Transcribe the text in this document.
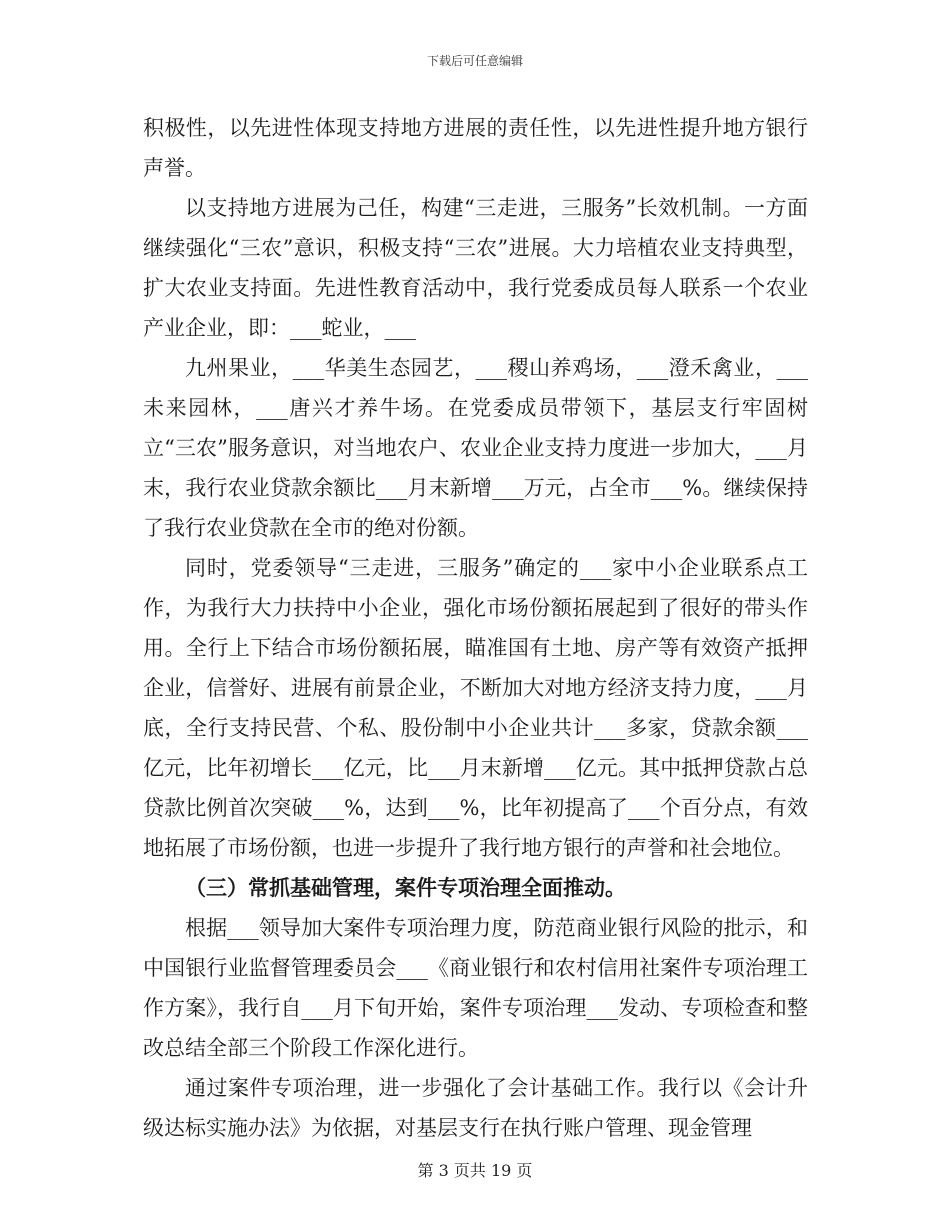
下载后可任意编辑

积极性，以先进性体现支持地方进展的责任性，以先进性提升地方银行声誉。

以支持地方进展为己任，构建“三走进，三服务”长效机制。一方面继续强化“三农”意识，积极支持“三农”进展。大力培植农业支持典型，扩大农业支持面。先进性教育活动中，我行党委成员每人联系一个农业产业企业，即：___蛇业，___

九州果业，___华美生态园艺，___稷山养鸡场，___澄禾禽业，___未来园林，___唐兴才养牛场。在党委成员带领下，基层支行牢固树立“三农”服务意识，对当地农户、农业企业支持力度进一步加大，___月末，我行农业贷款余额比___月末新增___万元，占全市___%。继续保持了我行农业贷款在全市的绝对份额。

同时，党委领导“三走进，三服务”确定的___家中小企业联系点工作，为我行大力扶持中小企业，强化市场份额拓展起到了很好的带头作用。全行上下结合市场份额拓展，瞄准国有土地、房产等有效资产抵押企业，信誉好、进展有前景企业，不断加大对地方经济支持力度，___月底，全行支持民营、个私、股份制中小企业共计___多家，贷款余额___亿元，比年初增长___亿元，比___月末新增___亿元。其中抵押贷款占总贷款比例首次突破___%，达到___%，比年初提高了___个百分点，有效地拓展了市场份额，也进一步提升了我行地方银行的声誉和社会地位。

（三）常抓基础管理，案件专项治理全面推动。

根据___领导加大案件专项治理力度，防范商业银行风险的批示，和中国银行业监督管理委员会___《商业银行和农村信用社案件专项治理工作方案》，我行自___月下旬开始，案件专项治理___发动、专项检查和整改总结全部三个阶段工作深化进行。

通过案件专项治理，进一步强化了会计基础工作。我行以《会计升级达标实施办法》为依据，对基层支行在执行账户管理、现金管理

第 3 页共 19 页
